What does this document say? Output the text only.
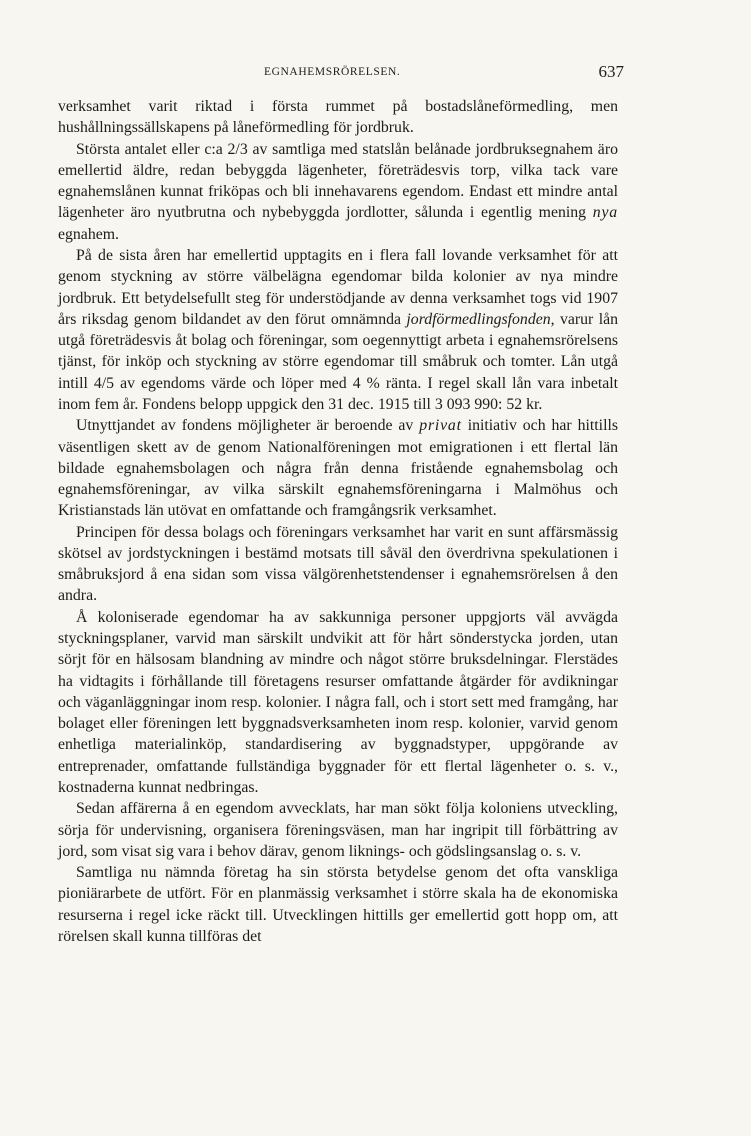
EGNAHEMSRÖRELSEN.	637

verksamhet varit riktad i första rummet på bostadslåneförmedling, men hushållningssällskapens på låneförmedling för jordbruk.

Största antalet eller c:a 2/3 av samtliga med statslån belånade jordbruksegnahem äro emellertid äldre, redan bebyggda lägenheter, företrädesvis torp, vilka tack vare egnahemslånen kunnat friköpas och bli innehavarens egendom. Endast ett mindre antal lägenheter äro nyutbrutna och nybebyggda jordlotter, sålunda i egentlig mening nya egnahem.

På de sista åren har emellertid upptagits en i flera fall lovande verksamhet för att genom styckning av större välbelägna egendomar bilda kolonier av nya mindre jordbruk. Ett betydelsefullt steg för understödjande av denna verksamhet togs vid 1907 års riksdag genom bildandet av den förut omnämnda jordförmedlingsfonden, varur lån utgå företrädesvis åt bolag och föreningar, som oegennyttigt arbeta i egnahemsrörelsens tjänst, för inköp och styckning av större egendomar till småbruk och tomter. Lån utgå intill 4/5 av egendoms värde och löper med 4 % ränta. I regel skall lån vara inbetalt inom fem år. Fondens belopp uppgick den 31 dec. 1915 till 3 093 990: 52 kr.

Utnyttjandet av fondens möjligheter är beroende av privat initiativ och har hittills väsentligen skett av de genom Nationalföreningen mot emigrationen i ett flertal län bildade egnahemsbolagen och några från denna fristående egnahemsbolag och egnahemsföreningar, av vilka särskilt egnahemsföreningarna i Malmöhus och Kristianstads län utövat en omfattande och framgångsrik verksamhet.

Principen för dessa bolags och föreningars verksamhet har varit en sunt affärsmässig skötsel av jordstyckningen i bestämd motsats till såväl den överdrivna spekulationen i småbruksjord å ena sidan som vissa välgörenhetstendenser i egnahemsrörelsen å den andra.

Å koloniserade egendomar ha av sakkunniga personer uppgjorts väl avvägda styckningsplaner, varvid man särskilt undvikit att för hårt sönderstycka jorden, utan sörjt för en hälsosam blandning av mindre och något större bruksdelningar. Flerstädes ha vidtagits i förhållande till företagens resurser omfattande åtgärder för avdikningar och väganläggningar inom resp. kolonier. I några fall, och i stort sett med framgång, har bolaget eller föreningen lett byggnadsverksamheten inom resp. kolonier, varvid genom enhetliga materialinköp, standardisering av byggnadstyper, uppgörande av entreprenader, omfattande fullständiga byggnader för ett flertal lägenheter o. s. v., kostnaderna kunnat nedbringas.

Sedan affärerna å en egendom avvecklats, har man sökt följa koloniens utveckling, sörja för undervisning, organisera föreningsväsen, man har ingripit till förbättring av jord, som visat sig vara i behov därav, genom liknings- och gödslingsanslag o. s. v.

Samtliga nu nämnda företag ha sin största betydelse genom det ofta vanskliga pioniärarbete de utfört. För en planmässig verksamhet i större skala ha de ekonomiska resurserna i regel icke räckt till. Utvecklingen hittills ger emellertid gott hopp om, att rörelsen skall kunna tillföras det
